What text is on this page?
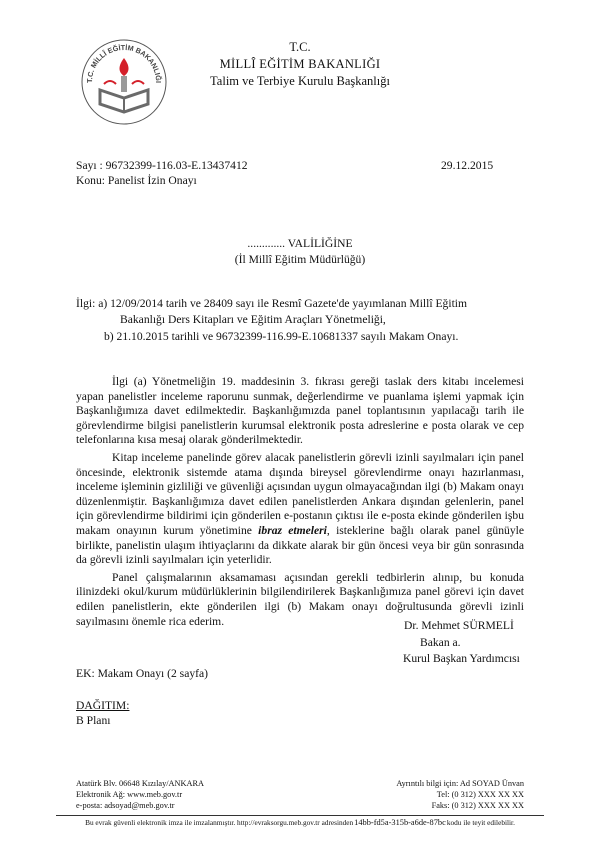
T.C. MİLLÎ EĞİTİM BAKANLIĞI
T.C.
MİLLÎ EĞİTİM BAKANLIĞI
Talim ve Terbiye Kurulu Başkanlığı
Sayı : 96732399-116.03-E.13437412	29.12.2015
Konu: Panelist İzin Onayı
............. VALİLİĞİNE
(İl Millî Eğitim Müdürlüğü)
İlgi: a) 12/09/2014 tarih ve 28409 sayı ile Resmî Gazete'de yayımlanan Millî Eğitim
Bakanlığı Ders Kitapları ve Eğitim Araçları Yönetmeliği,
b) 21.10.2015 tarihli ve 96732399-116.99-E.10681337 sayılı Makam Onayı.

İlgi (a) Yönetmeliğin 19. maddesinin 3. fıkrası gereği taslak ders kitabı incelemesi yapan panelistler inceleme raporunu sunmak, değerlendirme ve puanlama işlemi yapmak için Başkanlığımıza davet edilmektedir. Başkanlığımızda panel toplantısının yapılacağı tarih ile görevlendirme bilgisi panelistlerin kurumsal elektronik posta adreslerine e posta olarak ve cep telefonlarına kısa mesaj olarak gönderilmektedir.

Kitap inceleme panelinde görev alacak panelistlerin görevli izinli sayılmaları için panel öncesinde, elektronik sistemde atama dışında bireysel görevlendirme onayı hazırlanması, inceleme işleminin gizliliği ve güvenliği açısından uygun olmayacağından ilgi (b) Makam onayı düzenlenmiştir. Başkanlığımıza davet edilen panelistlerden Ankara dışından gelenlerin, panel için görevlendirme bildirimi için gönderilen e-postanın çıktısı ile e-posta ekinde gönderilen işbu makam onayının kurum yönetimine ibraz etmeleri, isteklerine bağlı olarak panel günüyle birlikte, panelistin ulaşım ihtiyaçlarını da dikkate alarak bir gün öncesi veya bir gün sonrasında da görevli izinli sayılmaları için yeterlidir.

Panel çalışmalarının aksamaması açısından gerekli tedbirlerin alınıp, bu konuda ilinizdeki okul/kurum müdürlüklerinin bilgilendirilerek Başkanlığımıza panel görevi için davet edilen panelistlerin, ekte gönderilen ilgi (b) Makam onayı doğrultusunda görevli izinli sayılmasını önemle rica ederim.	Dr. Mehmet SÜRMELİ
Bakan a.
Kurul Başkan Yardımcısı
EK: Makam Onayı (2 sayfa)
DAĞITIM:
B Planı
Atatürk Blv. 06648 Kızılay/ANKARA
Elektronik Ağ: www.meb.gov.tr
e-posta: adsoyad@meb.gov.tr
Ayrıntılı bilgi için: Ad SOYAD Ünvan
Tel: (0 312) XXX XX XX
Faks: (0 312) XXX XX XX
Bu evrak güvenli elektronik imza ile imzalanmıştır. http://evraksorgu.meb.gov.tr adresinden14bb-fd5a-315b-a6de-87bckodu ile teyit edilebilir.
